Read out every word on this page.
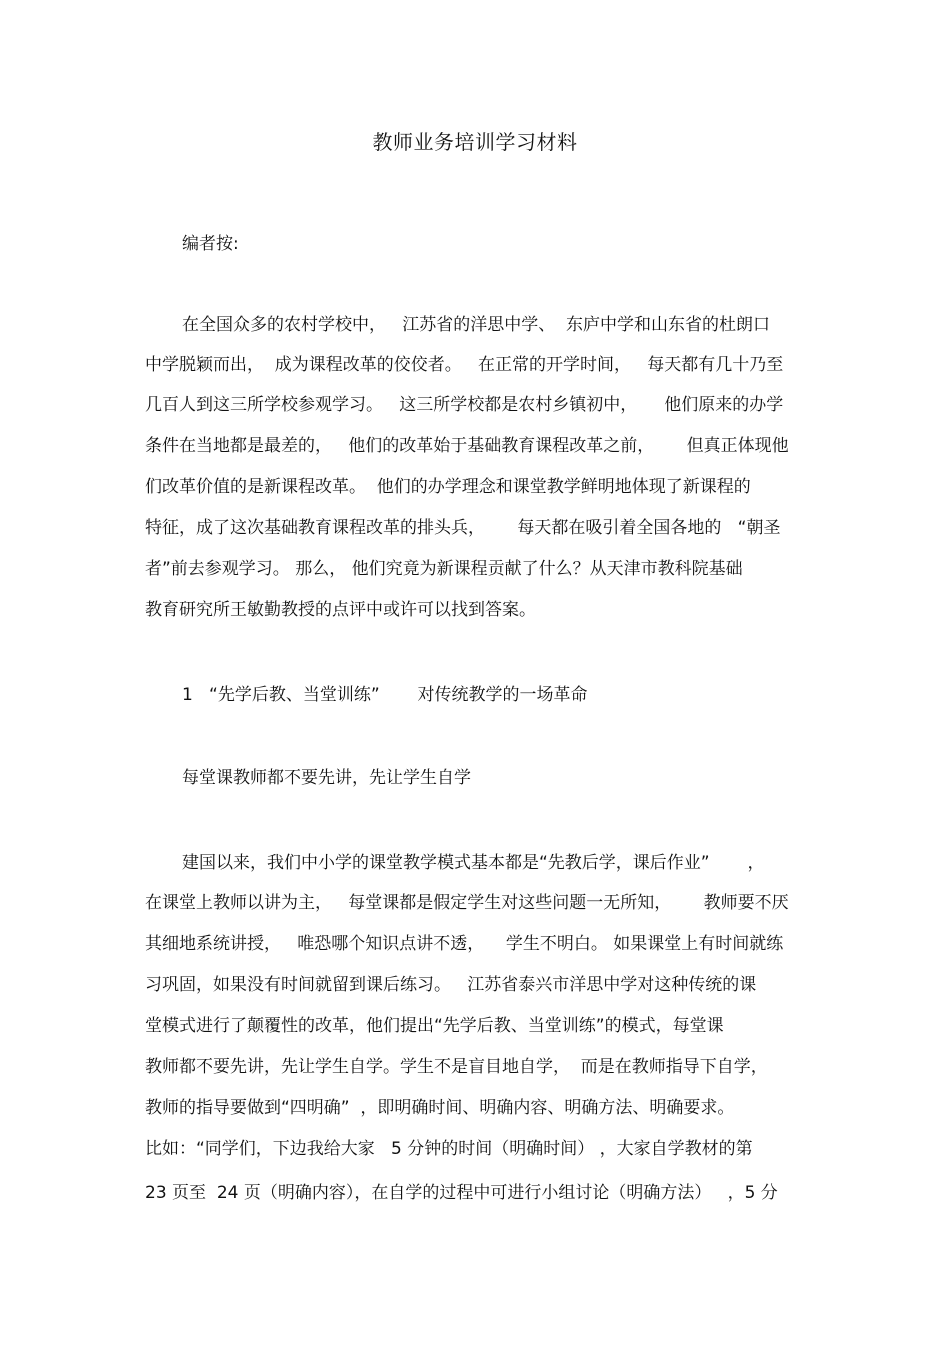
教师业务培训学习材料
编者按:
在全国众多的农村学校中，   江苏省的洋思中学、  东庐中学和山东省的杜朗口
中学脱颖而出，  成为课程改革的佼佼者。   在正常的开学时间，   每天都有几十乃至
几百人到这三所学校参观学习。   这三所学校都是农村乡镇初中，     他们原来的办学
条件在当地都是最差的，   他们的改革始于基础教育课程改革之前，      但真正体现他
们改革价值的是新课程改革。  他们的办学理念和课堂教学鲜明地体现了新课程的
特征，成了这次基础教育课程改革的排头兵，      每天都在吸引着全国各地的   “朝圣
者”前去参观学习。 那么， 他们究竟为新课程贡献了什么？从天津市教科院基础
教育研究所王敏勤教授的点评中或许可以找到答案。
1   “先学后教、当堂训练”       对传统教学的一场革命
每堂课教师都不要先讲，先让学生自学
建国以来，我们中小学的课堂教学模式基本都是“先教后学，课后作业”       ，
在课堂上教师以讲为主，   每堂课都是假定学生对这些问题一无所知，      教师要不厌
其细地系统讲授，   唯恐哪个知识点讲不透，    学生不明白。 如果课堂上有时间就练
习巩固，如果没有时间就留到课后练习。   江苏省泰兴市洋思中学对这种传统的课
堂模式进行了颠覆性的改革，他们提出“先学后教、当堂训练”的模式，每堂课
教师都不要先讲，先让学生自学。学生不是盲目地自学，  而是在教师指导下自学，
教师的指导要做到“四明确”  ，即明确时间、明确内容、明确方法、明确要求。
比如：“同学们，下边我给大家   5 分钟的时间（明确时间） ，大家自学教材的第
23 页至  24 页（明确内容），在自学的过程中可进行小组讨论（明确方法）   ，5 分
